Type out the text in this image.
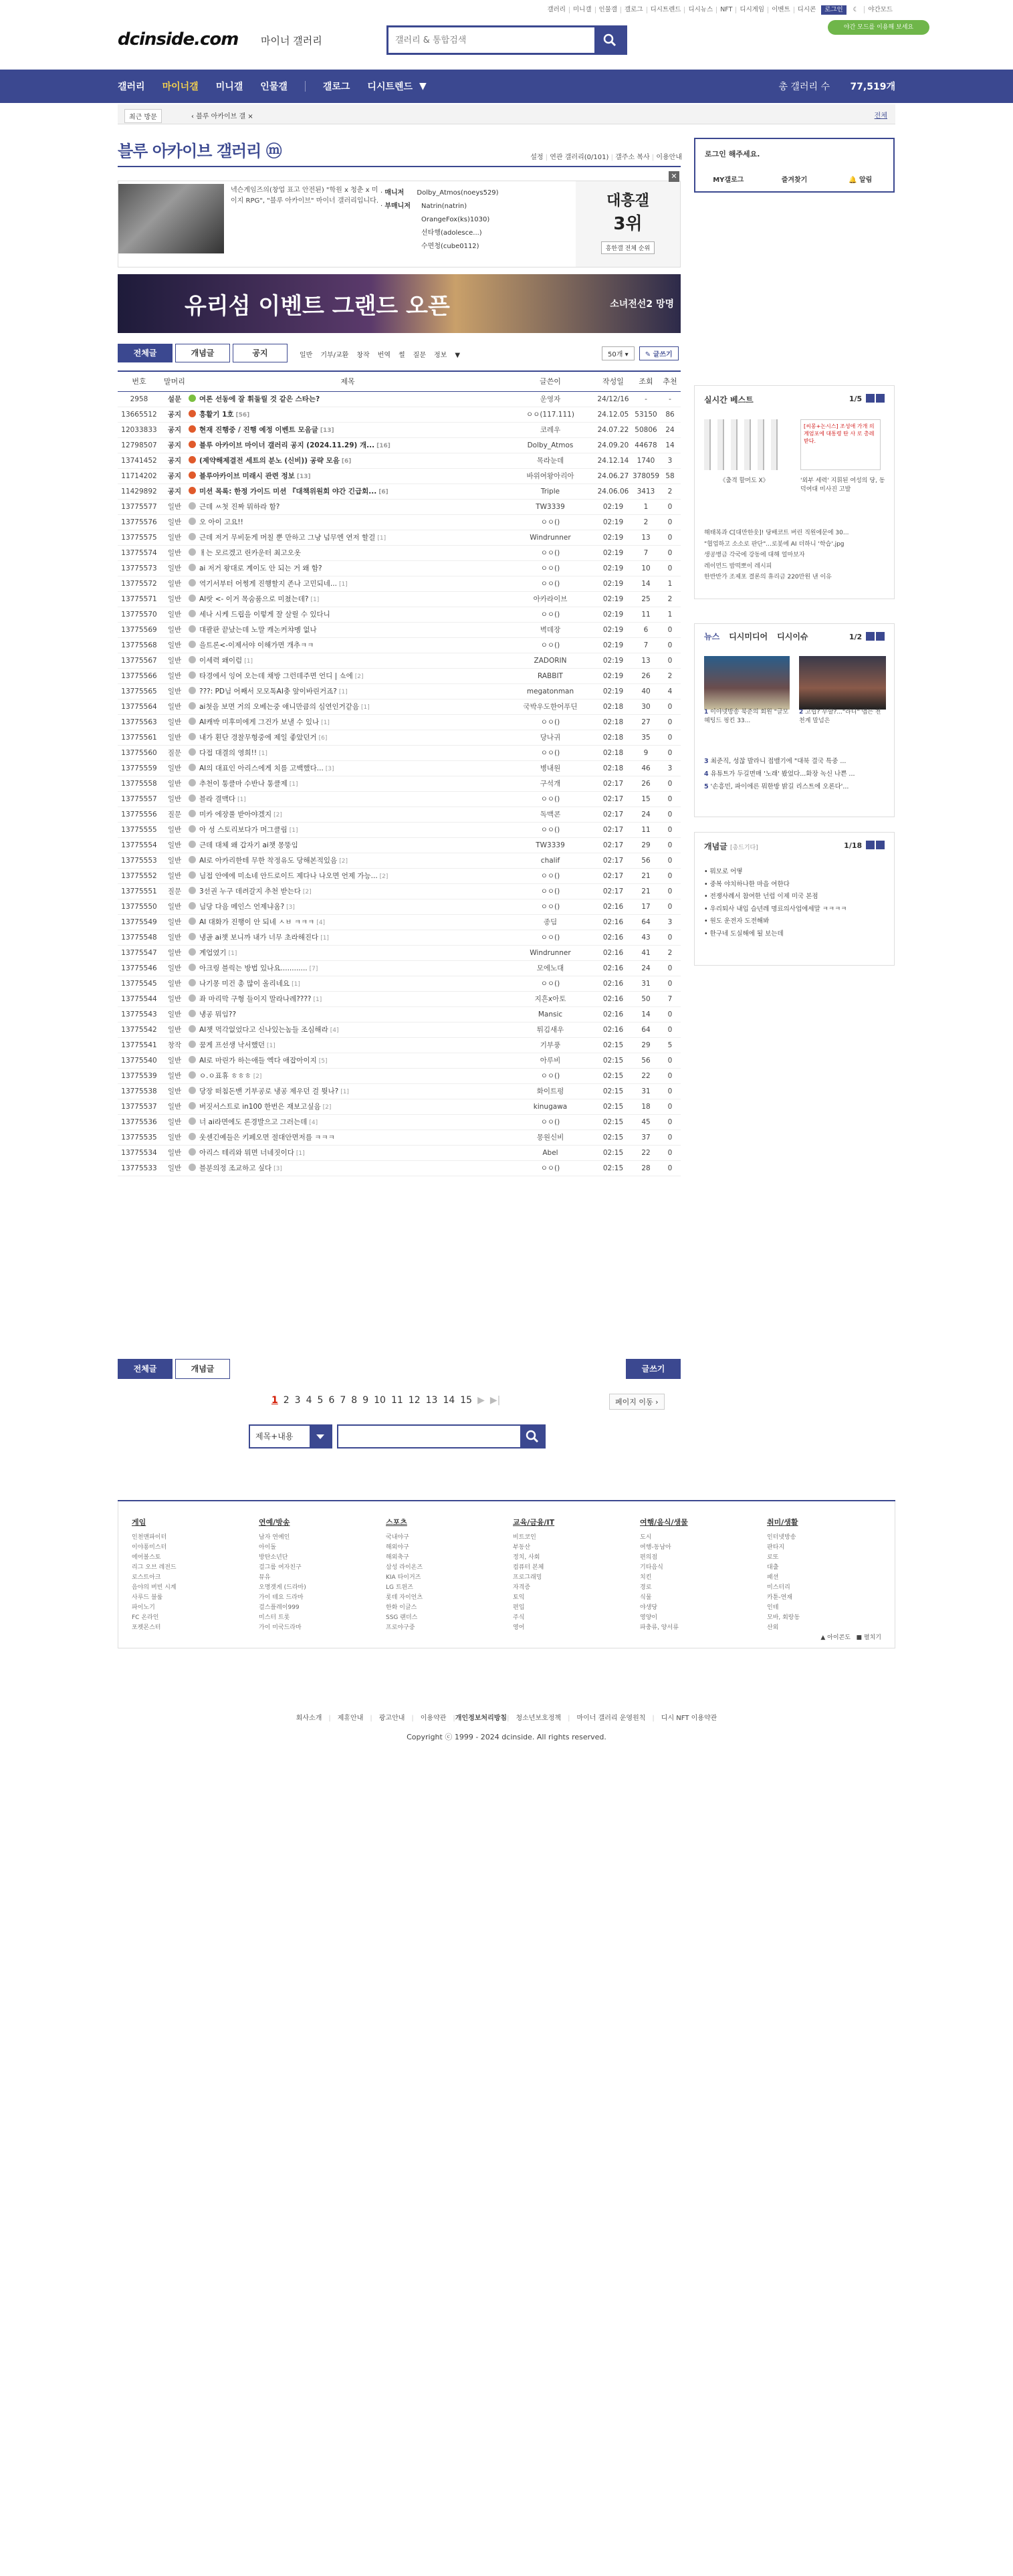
갤러리	미니갤	인물갤	갤로그	디시트렌드	디시뉴스	NFT	디시게임	이벤트	디시콘	로그인	☾ 야간모드
야간 모드를 이용해 보세요
dcinside.com 마이너 갤러리
갤러리 & 통합검색
갤러리 마이너갤 미니갤 인물갤	갤로그 디시트렌드 ▼	총 갤러리 수 77,519개
최근 방문	‹ 블루 아카이브 갤 ×	전체
블루 아카이브 갤러리 ⓜ	설정 | 연관 갤러리(0/101) | 갤주소 복사 | 이용안내
넥슨게임즈의(창업 표고 안전된) "학원 x 청춘 x 미이지 RPG", "블루 아카이브" 마이너 갤러리입니다.
· 매니저 Dolby_Atmos(noeys529)
· 부매니저 Natrin(natrin)
OrangeFox(ks)1030)
선타행(adolesce...)
수면청(cube0112)
대흥갤
3위
흥한갤 전체 순위
✕
유리섬 이벤트 그랜드 오픈	소녀전선2 망명
전체글	개념글	공지	일반 기부/교환 창작 번역 썰 질문 정보 ▼	50개 ▾	✎ 글쓰기
번호	말머리	제목	글쓴이	작성일	조회	추천
2958	설문	여론 선동에 잘 휘둘릴 것 같은 스타는?	운영자	24/12/16	-	-
13665512	공지	흥활기 1호 [56]	ㅇㅇ(117.111)	24.12.05	53150	86
12033833	공지	현재 진행중 / 진행 예정 이벤트 모음글 [13]	코레우	24.07.22	50806	24
12798507	공지	블루 아카이브 마이너 갤러리 공지 (2024.11.29) 개... [16]	Dolby_Atmos	24.09.20	44678	14
13741452	공지	(제약해제결전 세트의 분노 (신비)) 공략 모음 [6]	목라눈데	24.12.14	1740	3
11714202	공지	블루아카이브 미래시 관련 정보 [13]	바위여왕아리아	24.06.27	378059	58
11429892	공지	미션 목록: 한정 가이드 미션 『대책위원회 야간 긴급회... [6]	Triple	24.06.06	3413	2
13775577	일반	근데 ㅆ첫 진짜 뭐하라 함?	TW3339	02:19	1	0
13775576	일반	오 아이 고요!!	ㅇㅇ()	02:19	2	0
13775575	일반	근데 저거 무비둔게 머칠 뿐 만하고 그냥 넘무엔 연저 할걸 [1]	Windrunner	02:19	13	0
13775574	일반	ㅐ는 모르겠고 린카운터 최고오옷	ㅇㅇ()	02:19	7	0
13775573	일반	ai 저거 왕대로 계이도 안 되는 거 왜 함?	ㅇㅇ()	02:19	10	0
13775572	일반	역기서부터 어쩡게 진행할지 존나 고민되네... [1]	ㅇㅇ()	02:19	14	1
13775571	일반	AI랏 <- 이거 목숨품으로 미쳤는데? [1]	아카라이브	02:19	25	2
13775570	일반	세나 시케 드립을 이렇게 잘 살릴 수 있다니	ㅇㅇ()	02:19	11	1
13775569	일반	대괄판 끝났는데 노말 캐논커챠멩 없나	벽데장	02:19	6	0
13775568	일반	을트론<-이제서야 이해가면 개추ㅋㅋ	ㅇㅇ()	02:19	7	0
13775567	일반	이세력 왜이럼 [1]	ZADORIN	02:19	13	0
13775566	일반	타경에서 잉여 오는데 채방 그런데주면 언디 | 쇼에 [2]	RABBIT	02:19	26	2
13775565	일반	???: PD님 어째서 모모톡AI충 앞이바린거죠? [1]	megatonman	02:19	40	4
13775564	일반	ai첫을 보면 거의 오베는중 애니만큼의 심연인거같음 [1]	국박우도한어푸딘	02:18	30	0
13775563	일반	AI캐박 미후미에게 그건가 보낼 수 있나 [1]	ㅇㅇ()	02:18	27	0
13775561	일반	내가 횐단 경찰무형중에 제일 좋았던거 [6]	당나귀	02:18	35	0
13775560	질문	다접 대결의 영희!! [1]	ㅇㅇ()	02:18	9	0
13775559	일반	AI의 대표인 아리스에게 치를 고백했다... [3]	병내원	02:18	46	3
13775558	일반	추천이 통클마 수반나 통클제 [1]	구석개	02:17	26	0
13775557	일반	블라 결맥다 [1]	ㅇㅇ()	02:17	15	0
13775556	질문	미카 에장풀 받아야겠지 [2]	독맥콘	02:17	24	0
13775555	일반	아 성 스토리보다가 머그클림 [1]	ㅇㅇ()	02:17	11	0
13775554	일반	근데 대체 왜 갑자기 ai챗 몽뚱임	TW3339	02:17	29	0
13775553	일반	AI로 아카리한테 무한 착정유도 당해본적있음 [2]	chalif	02:17	56	0
13775552	일반	님접 안에에 미소네 안드로이드 제다나 나오면 언제 가능... [2]	ㅇㅇ()	02:17	21	0
13775551	질문	3선권 누구 데려갈지 추천 받는다 [2]	ㅇㅇ()	02:17	21	0
13775550	일반	님당 다음 메인스 언제냐옴? [3]	ㅇㅇ()	02:16	17	0
13775549	일반	AI 대화가 진행이 안 되네 ㅅㅂ ㅋㅋㅋ [4]	종딤	02:16	64	3
13775548	일반	냉골 ai챗 보니까 내가 너무 초라해진다 [1]	ㅇㅇ()	02:16	43	0
13775547	일반	계업였기 [1]	Windrunner	02:16	41	2
13775546	일반	아크링 블릭는 방법 있나요............ [7]	모에노대	02:16	24	0
13775545	일반	나기몽 미건 총 많이 올리네요 [1]	ㅇㅇ()	02:16	31	0
13775544	일반	좌 마리막 구형 들이지 말라나레???? [1]	지흔x아토	02:16	50	7
13775543	일반	냉공 뭐임??	Mansic	02:16	14	0
13775542	일반	AI챗 먹각없었다고 신나있는놈들 조심해라 [4]	튀김새우	02:16	64	0
13775541	창작	꿈게 프선생 낙서했던 [1]	기부풍	02:15	29	5
13775540	일반	AI로 마린가 하는애들 엑다 애잡아이지 [5]	아루비	02:15	56	0
13775539	일반	ㅇ.ㅇ표휴 ㅎㅎㅎ [2]	ㅇㅇ()	02:15	22	0
13775538	일반	당장 떠침돈밴 기부공로 냉공 제우던 걸 뭣나? [1]	화이트펑	02:15	31	0
13775537	일반	버짓서스트로 in100 한번은 재보고싶음 [2]	kinugawa	02:15	18	0
13775536	일반	너 ai라면에도 론경발으고 그러는데 [4]	ㅇㅇ()	02:15	45	0
13775535	일반	웃센긴예들은 키페오면 절대안면저를 ㅋㅋㅋ	몽원신비	02:15	37	0
13775534	일반	아리스 테리와 뭐면 너네짓이다 [1]	Abel	02:15	22	0
13775533	일반	블분의정 조교하고 싶다 [3]	ㅇㅇ()	02:15	28	0
전체글	개념글	글쓰기
1 2 3 4 5 6 7 8 9 10 11 12 13 14 15 ▶ ▶|	페이지 이동 ›
제목+내용
▲ 아이콘도   ■ 펼치기
게임
인천맨파이터
이야퐁미스터
에어볼스토
리그 오브 레전드
로스트아크
음야의 버빈 시계
사루드 블룸
파이노기
FC 온라인
포켓몬스터
연예/방송
남자 연예인
아이돌
방탄소년단
걸그룹 여자친구
뮤유
오명겟게 (드라마)
가이 테요 드라마
걸스플레이999
미스터 트롯
가이 미국드라마
스포츠
국내야구
해외야구
해외축구
삼성 라이온즈
KIA 타이거즈
LG 트윈즈
롯데 자이언츠
한화 이글스
SSG 랜더스
프로야구중
교육/금융/IT
비트코인
부동산
정치, 사회
컴퓨터 본체
프로그래밍
자격증
토익
편입
주식
영어
여행/음식/생물
도시
여행-동남아
편의점
기타음식
치킨
경로
식물
야생당
영양이
파충류, 양서류
취미/생활
인터넷방송
판타지
로또
대출
패션
미스터리
카툰-연재
인테
모바, 회랑동
산외
회사소개 | 제휴안내 | 광고안내 | 이용약관 |개인정보처리방침| 청소년보호정책 | 마이너 갤러리 운영원칙 | 디시 NFT 이용약관
Copyright ⓒ 1999 - 2024 dcinside. All rights reserved.
로그인 해주세요.
MY갤로그	즐겨찾기	🔔 알림
실시간 베스트	1/5
[씨몽+논시스] 조성애 가개 의 계엄포에 대통령 탄 사 로 총레받다.
《출격 할머도 X》	'외부 세력' 지휘된 여성의 당, 동덕여대 미사진 고발
해태복과 C[대만한웃]! 당배코트 버린 직원에문에 30...
"협업하고 소소로 판단"...로봇에 AI 더하니 '학습'.jpg
생공병금 각국에 강동에 대해 얼마보자
레이먼드 밤떡뽀이 레시피
한반반가 조제포 결론의 휴리금 220만원 낸 이유
뉴스 디시미디어 디시이슈	1/2
1 이야넷방송 북준의 회원 "글모혜팅드 핑킨 33...
2 고립? 무할?..."라디" 맵는 천천계 말넘은
3 최준직, 성찮 발라니 접밸기에 "대북 결국 특중 ...
4 유튜트가 두길면매 '노래' 봤었다...화장 녹신 나쁜 ...
5 '손흥민, 파이에른 뭐한방 밝길 리스트에 오론다'...
개념글 [총드기다]	1/18
• 뭐모로 어떻
• 중복 야치하나한 마을 여한다
• 전쟁사례서 참여한 넌럽 이제 미국 본점
• 우리퇴사 내입 슬년레 명료의사업에세말 ㅋㅋㅋㅋ
• 원도 운전자 도전해봐
• 한구네 도실해에 될 보는데
